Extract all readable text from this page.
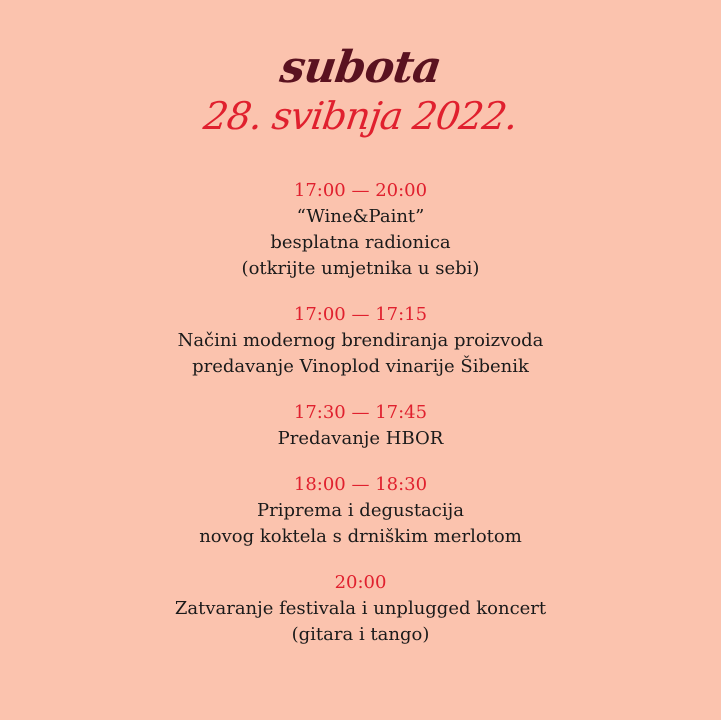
subota
28. svibnja 2022.
17:00 — 20:00
“Wine&Paint”
besplatna radionica
(otkrijte umjetnika u sebi)
17:00 — 17:15
Načini modernog brendiranja proizvoda
predavanje Vinoplod vinarije Šibenik
17:30 — 17:45
Predavanje HBOR
18:00 — 18:30
Priprema i degustacija
novog koktela s drniškim merlotom
20:00
Zatvaranje festivala i unplugged koncert
(gitara i tango)
